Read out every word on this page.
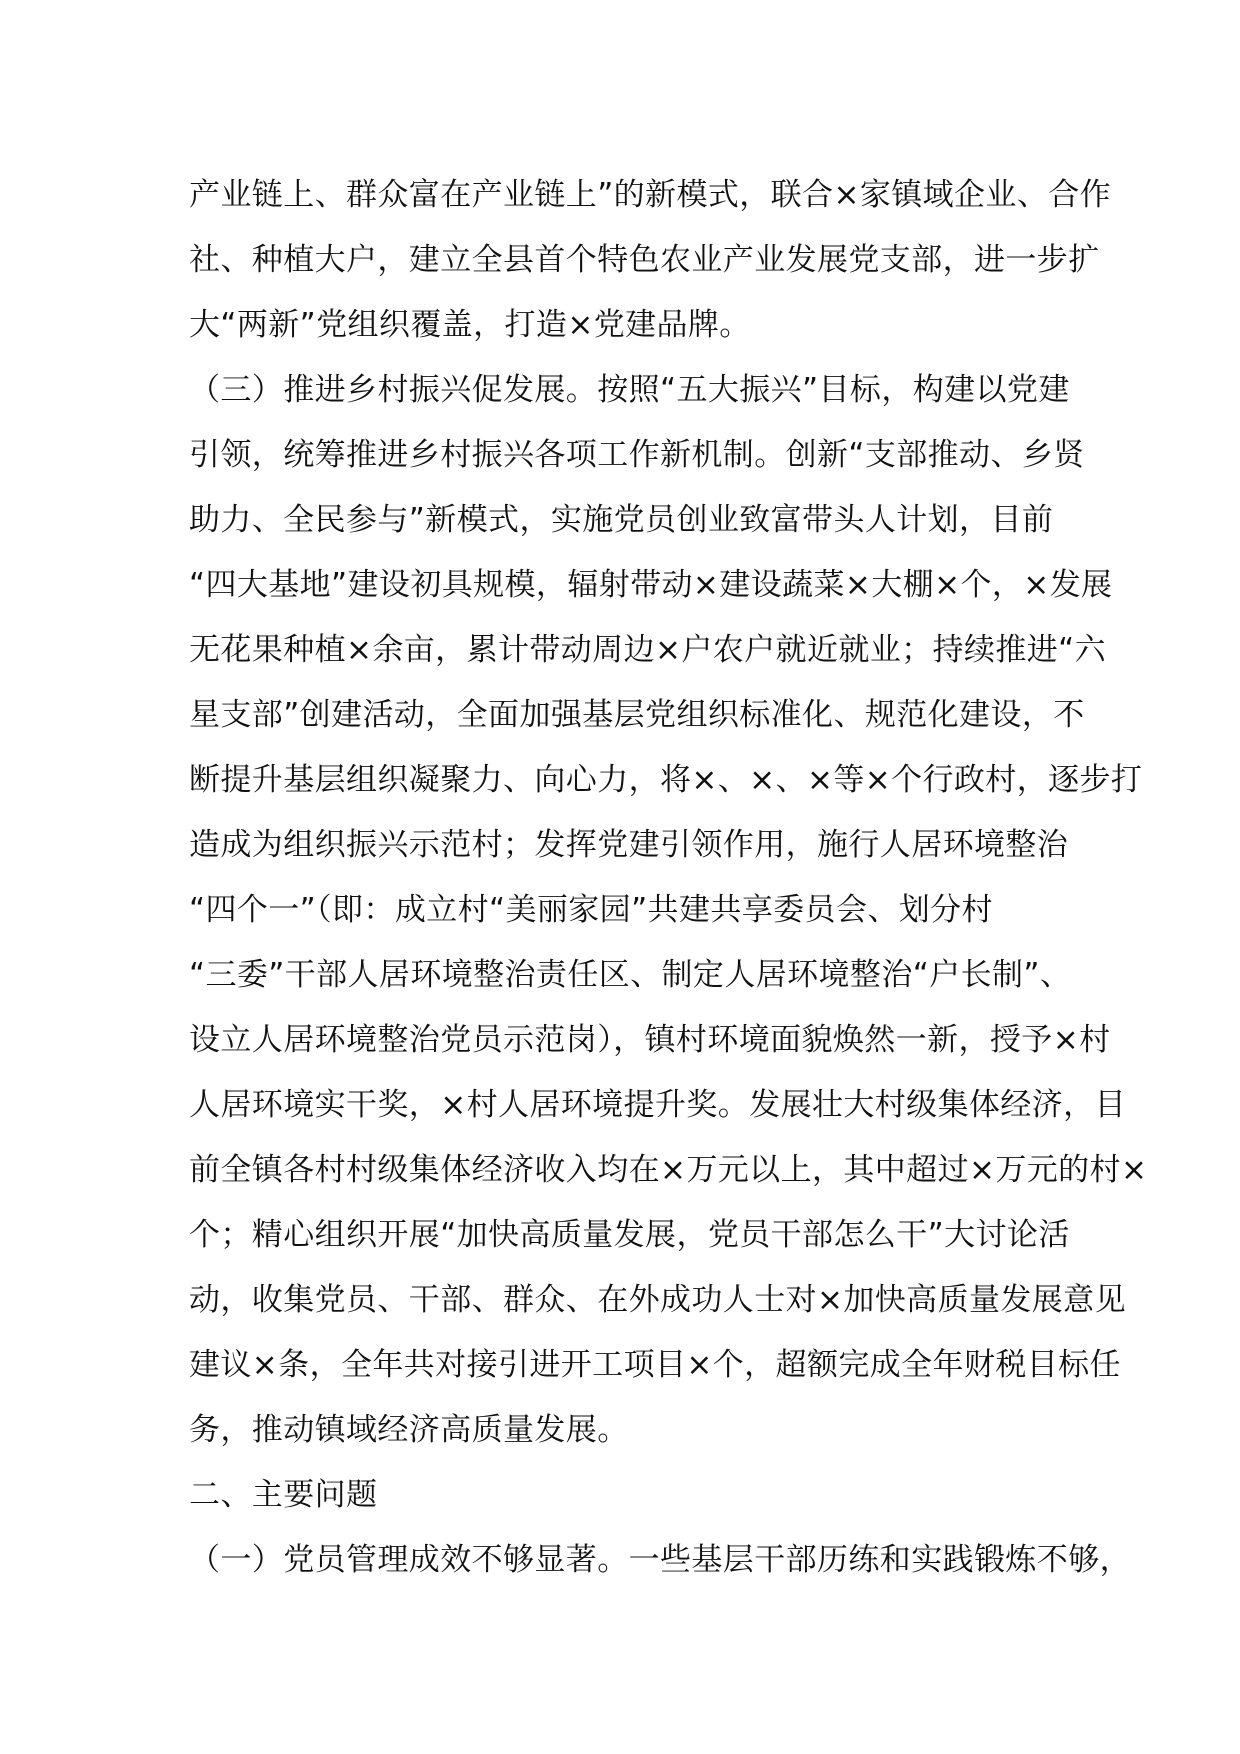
产业链上、群众富在产业链上”的新模式，联合×家镇域企业、合作
社、种植大户，建立全县首个特色农业产业发展党支部，进一步扩
大“两新”党组织覆盖，打造×党建品牌。
（三）推进乡村振兴促发展。按照“五大振兴”目标，构建以党建
引领，统筹推进乡村振兴各项工作新机制。创新“支部推动、乡贤
助力、全民参与”新模式，实施党员创业致富带头人计划，目前
“四大基地”建设初具规模，辐射带动×建设蔬菜×大棚×个，×发展
无花果种植×余亩，累计带动周边×户农户就近就业；持续推进“六
星支部”创建活动，全面加强基层党组织标准化、规范化建设，不
断提升基层组织凝聚力、向心力，将×、×、×等×个行政村，逐步打
造成为组织振兴示范村；发挥党建引领作用，施行人居环境整治
“四个一”（即：成立村“美丽家园”共建共享委员会、划分村
“三委”干部人居环境整治责任区、制定人居环境整治“户长制”、
设立人居环境整治党员示范岗），镇村环境面貌焕然一新，授予×村
人居环境实干奖，×村人居环境提升奖。发展壮大村级集体经济，目
前全镇各村村级集体经济收入均在×万元以上，其中超过×万元的村×
个；精心组织开展“加快高质量发展，党员干部怎么干”大讨论活
动，收集党员、干部、群众、在外成功人士对×加快高质量发展意见
建议×条，全年共对接引进开工项目×个，超额完成全年财税目标任
务，推动镇域经济高质量发展。
二、主要问题
（一）党员管理成效不够显著。一些基层干部历练和实践锻炼不够，
